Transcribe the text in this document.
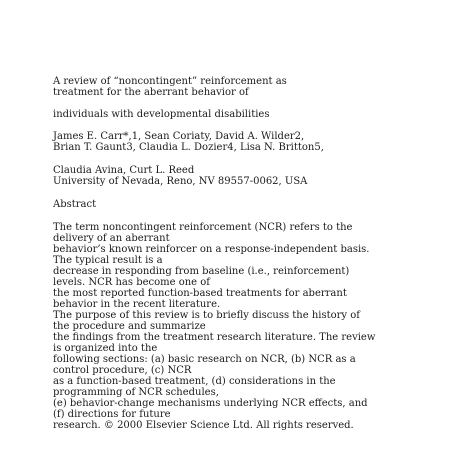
A review of “noncontingent” reinforcement as
treatment for the aberrant behavior of
individuals with developmental disabilities
James E. Carr*,1, Sean Coriaty, David A. Wilder2,
Brian T. Gaunt3, Claudia L. Dozier4, Lisa N. Britton5,
Claudia Avina, Curt L. Reed
University of Nevada, Reno, NV 89557-0062, USA
Abstract
The term noncontingent reinforcement (NCR) refers to the
delivery of an aberrant
behavior’s known reinforcer on a response-independent basis.
The typical result is a
decrease in responding from baseline (i.e., reinforcement)
levels. NCR has become one of
the most reported function-based treatments for aberrant
behavior in the recent literature.
The purpose of this review is to briefly discuss the history of
the procedure and summarize
the findings from the treatment research literature. The review
is organized into the
following sections: (a) basic research on NCR, (b) NCR as a
control procedure, (c) NCR
as a function-based treatment, (d) considerations in the
programming of NCR schedules,
(e) behavior-change mechanisms underlying NCR effects, and
(f) directions for future
research. © 2000 Elsevier Science Ltd. All rights reserved.
